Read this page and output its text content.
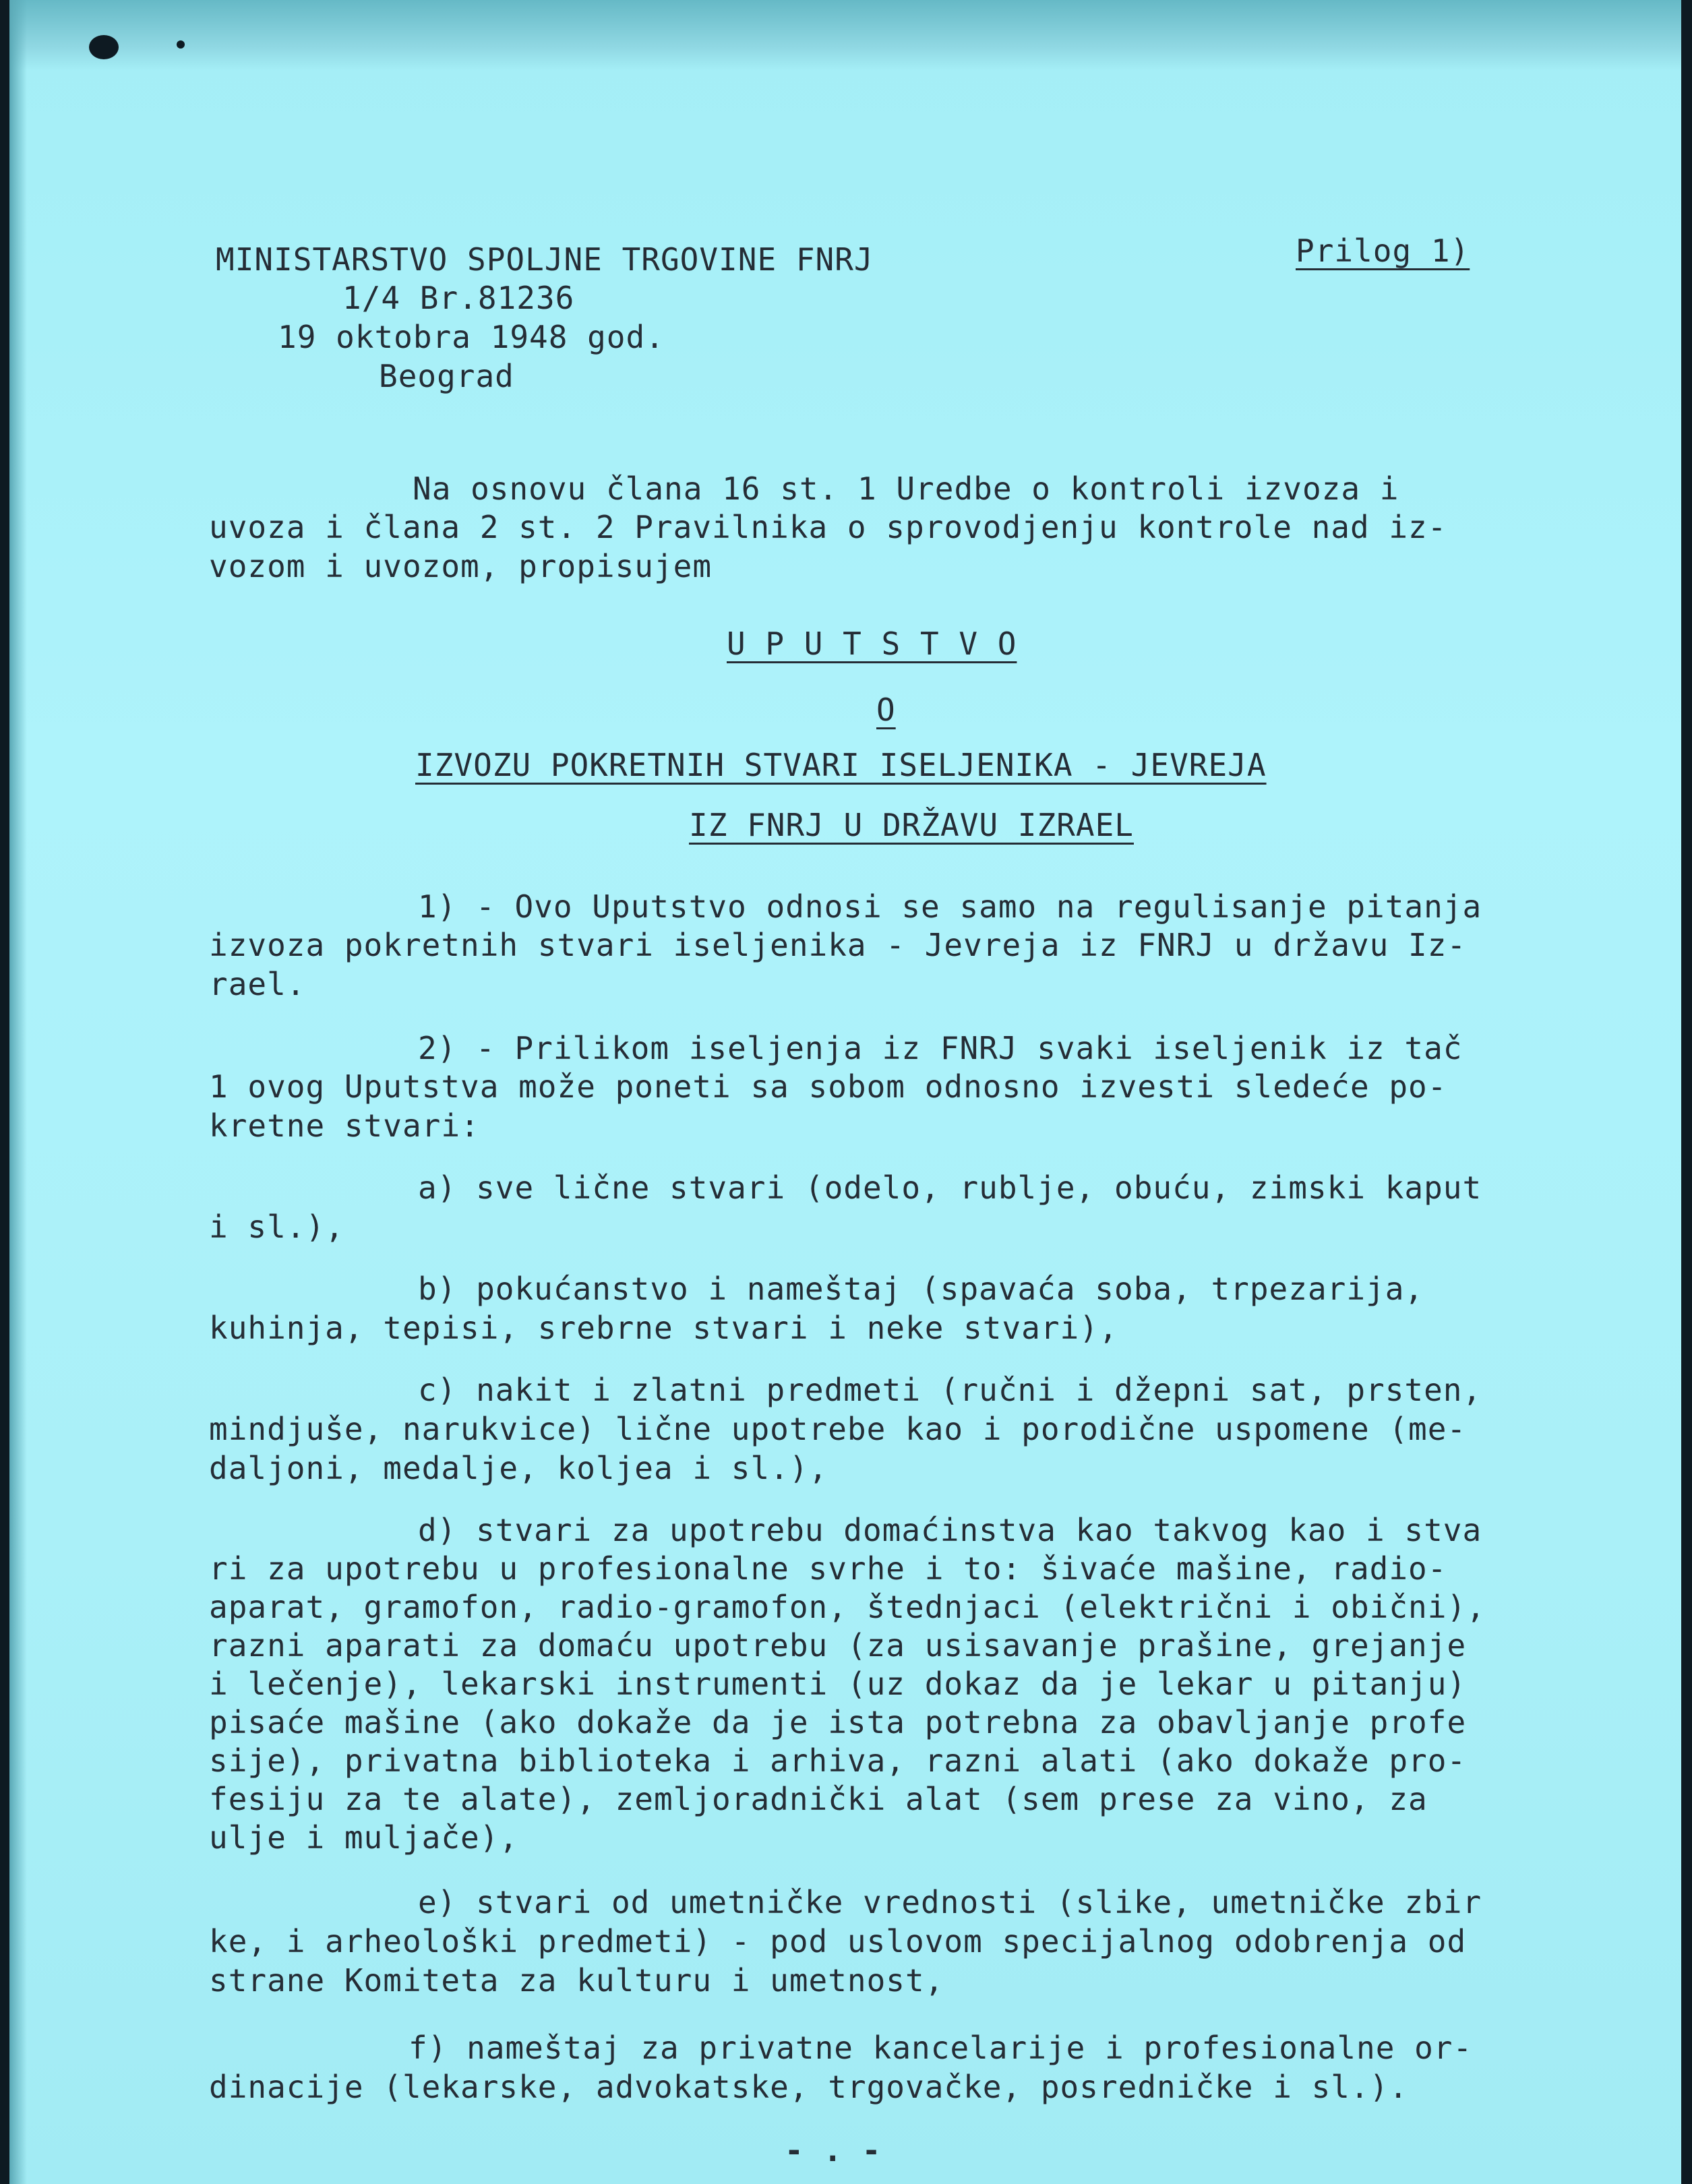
MINISTARSTVO SPOLJNE TRGOVINE FNRJ

1/4 Br.81236

19 oktobra 1948 god.

Beograd

Prilog 1)

Na osnovu člana 16 st. 1 Uredbe o kontroli izvoza i

uvoza i člana 2 st. 2 Pravilnika o sprovodjenju kontrole nad iz-

vozom i uvozom, propisujem

U P U T S T V O

O

IZVOZU POKRETNIH STVARI ISELJENIKA - JEVREJA

IZ FNRJ U DRŽAVU IZRAEL

1) - Ovo Uputstvo odnosi se samo na regulisanje pitanja

izvoza pokretnih stvari iseljenika - Jevreja iz FNRJ u državu Iz-

rael.

2) - Prilikom iseljenja iz FNRJ svaki iseljenik iz tač

1 ovog Uputstva može poneti sa sobom odnosno izvesti sledeće po-

kretne stvari:

a) sve lične stvari (odelo, rublje, obuću, zimski kaput

i sl.),

b) pokućanstvo i nameštaj (spavaća soba, trpezarija,

kuhinja, tepisi, srebrne stvari i neke stvari),

c) nakit i zlatni predmeti (ručni i džepni sat, prsten,

mindjuše, narukvice) lične upotrebe kao i porodične uspomene (me-

daljoni, medalje, koljea i sl.),

d) stvari za upotrebu domaćinstva kao takvog kao i stva

ri za upotrebu u profesionalne svrhe i to: šivaće mašine, radio-

aparat, gramofon, radio-gramofon, štednjaci (električni i obični),

razni aparati za domaću upotrebu (za usisavanje prašine, grejanje

i lečenje), lekarski instrumenti (uz dokaz da je lekar u pitanju)

pisaće mašine (ako dokaže da je ista potrebna za obavljanje profe

sije), privatna biblioteka i arhiva, razni alati (ako dokaže pro-

fesiju za te alate), zemljoradnički alat (sem prese za vino, za

ulje i muljače),

e) stvari od umetničke vrednosti (slike, umetničke zbir

ke, i arheološki predmeti) - pod uslovom specijalnog odobrenja od

strane Komiteta za kulturu i umetnost,

f) nameštaj za privatne kancelarije i profesionalne or-

dinacije (lekarske, advokatske, trgovačke, posredničke i sl.).

- . -
